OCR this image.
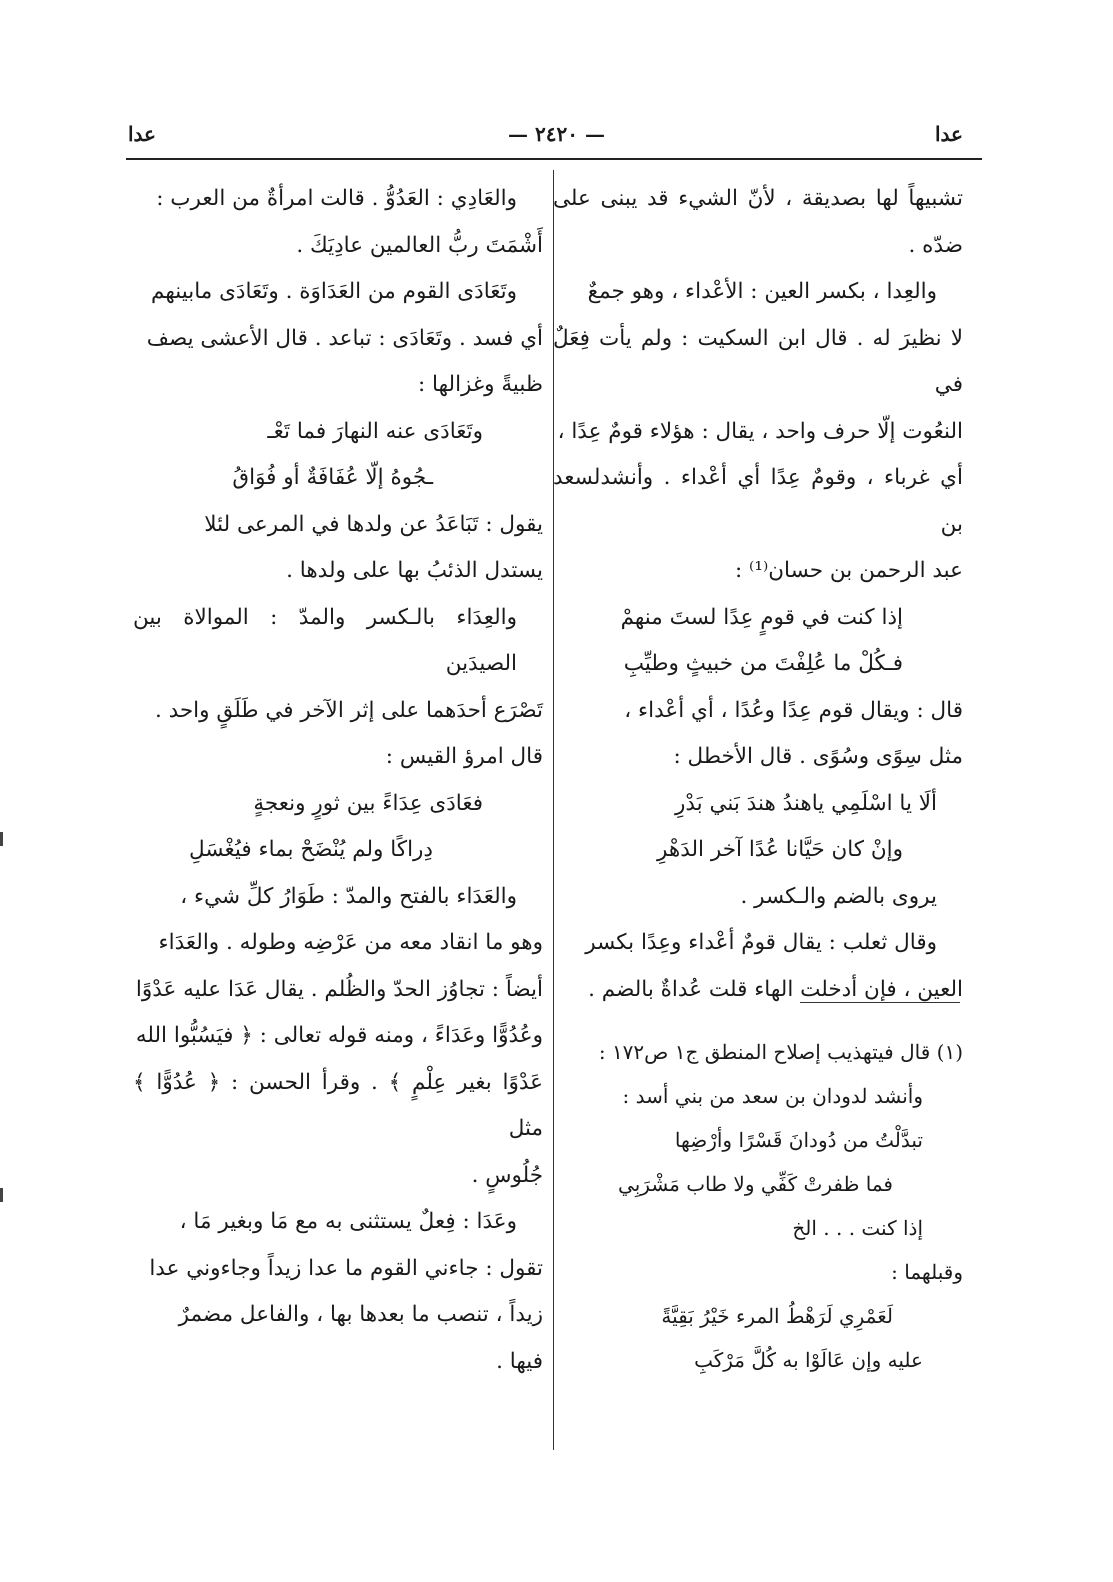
عدا
— ٢٤٢٠ —
عدا

تشبيهاً لها بصديقة ، لأنّ الشيء قد يبنى على ضدّه .

والعِدا ، بكسر العين : الأعْداء ، وهو جمعٌ

لا نظيرَ له . قال ابن السكيت : ولم يأت فِعَلٌ في

النعُوت إلّا حرف واحد ، يقال : هؤلاء قومٌ عِدًا ،

أي غرباء ، وقومٌ عِدًا أي أعْداء . وأنشدلسعد بن

عبد الرحمن بن حسان⁽¹⁾ :

إذا كنت في قومٍ عِدًا لستَ منهمْ

فـكُلْ ما عُلِفْتَ من خبيثٍ وطيِّبِ

قال : ويقال قوم عِدًا وعُدًا ، أي أعْداء ،

مثل سِوًى وسُوًى . قال الأخطل :

ألَا يا اسْلَمِي ياهندُ هندَ بَني بَدْرِ

وإنْ كان حَيَّانا عُدًا آخر الدَهْرِ

يروى بالضم والـكسر .

وقال ثعلب : يقال قومٌ أعْداء وعِدًا بكسر

العين ، فإن أدخلت الهاء قلت عُداةٌ بالضم .

(١) قال فيتهذيب إصلاح المنطق ج١ ص١٧٢ :

وأنشد لدودان بن سعد من بني أسد :

تبدَّلْتُ من دُودانَ قَسْرًا وأرْضِها

فما ظفرتْ كَفِّي ولا طاب مَشْرَبِي

إذا كنت . . . الخ

وقبلهما :

لَعَمْرِي لَرَهْطُ المرء خَيْرُ بَقِيَّةً

عليه وإن عَالَوْا به كُلَّ مَرْكَبِ

والعَادِي : العَدُوُّ . قالت امرأةٌ من العرب :

أَشْمَتَ ربُّ العالمين عادِيَكَ .

وتَعَادَى القوم من العَدَاوَة . وتَعَادَى مابينهم

أي فسد . وتَعَادَى : تباعد . قال الأعشى يصف

ظبيةً وغزالها :

وتَعَادَى عنه النهارَ فما تَعْـ

ـجُوهُ إلّا عُفَافَةٌ أو فُوَاقُ

يقول : تَبَاعَدُ عن ولدها في المرعى لئلا

يستدل الذئبُ بها على ولدها .

والعِدَاء بالـكسر والمدّ : الموالاة بين الصيدَين

تَصْرَع أحدَهما على إثر الآخر في طَلَقٍ واحد .

قال امرؤ القيس :

فعَادَى عِدَاءً بين ثورٍ ونعجةٍ

دِراكًا ولم يُنْضَحْ بماء فيُغْسَلِ

والعَدَاء بالفتح والمدّ : طَوَارُ كلِّ شيء ،

وهو ما انقاد معه من عَرْضِه وطوله . والعَدَاء

أيضاً : تجاوُز الحدّ والظُلم . يقال عَدَا عليه عَدْوًا

وعُدُوًّا وعَدَاءً ، ومنه قوله تعالى : ﴿ فيَسُبُّوا الله

عَدْوًا بغير عِلْمٍ ﴾ . وقرأ الحسن : ﴿ عُدُوًّا ﴾ مثل

جُلُوسٍ .

وعَدَا : فِعلٌ يستثنى به مع مَا وبغير مَا ،

تقول : جاءني القوم ما عدا زيداً وجاءوني عدا

زيداً ، تنصب ما بعدها بها ، والفاعل مضمرٌ

فيها .
